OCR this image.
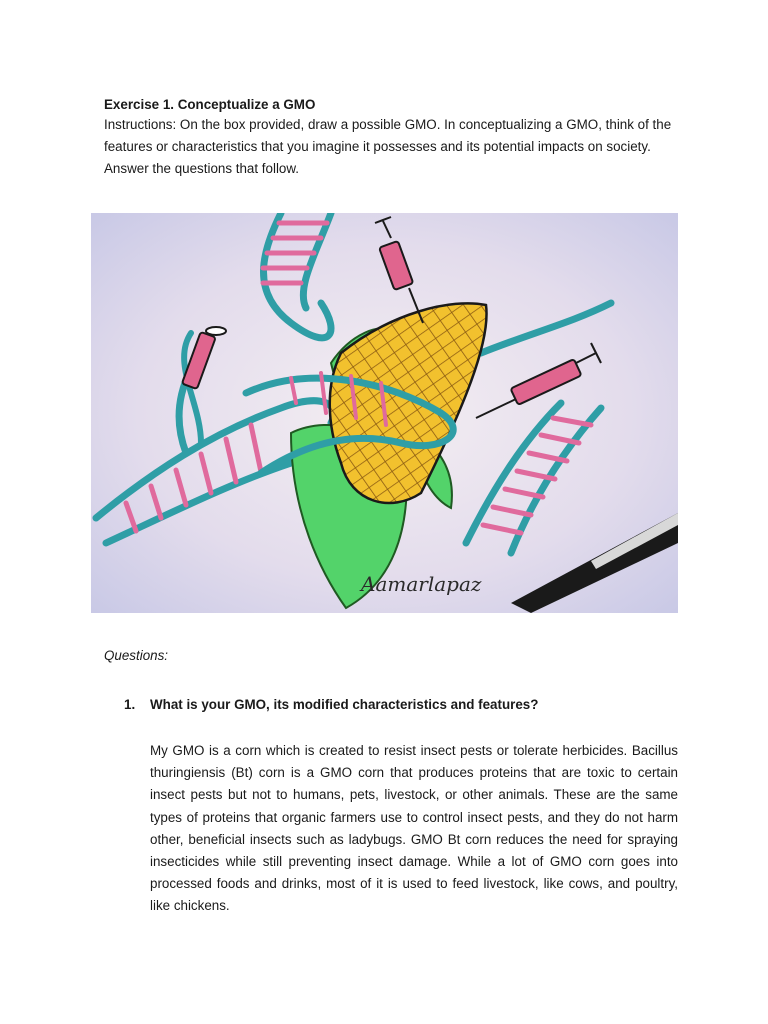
Exercise 1. Conceptualize a GMO

Instructions: On the box provided, draw a possible GMO. In conceptualizing a GMO, think of the features or characteristics that you imagine it possesses and its potential impacts on society. Answer the questions that follow.

Aamarlapaz

Questions:

1. What is your GMO, its modified characteristics and features?

My GMO is a corn which is created to resist insect pests or tolerate herbicides. Bacillus thuringiensis (Bt) corn is a GMO corn that produces proteins that are toxic to certain insect pests but not to humans, pets, livestock, or other animals. These are the same types of proteins that organic farmers use to control insect pests, and they do not harm other, beneficial insects such as ladybugs. GMO Bt corn reduces the need for spraying insecticides while still preventing insect damage. While a lot of GMO corn goes into processed foods and drinks, most of it is used to feed livestock, like cows, and poultry, like chickens.
